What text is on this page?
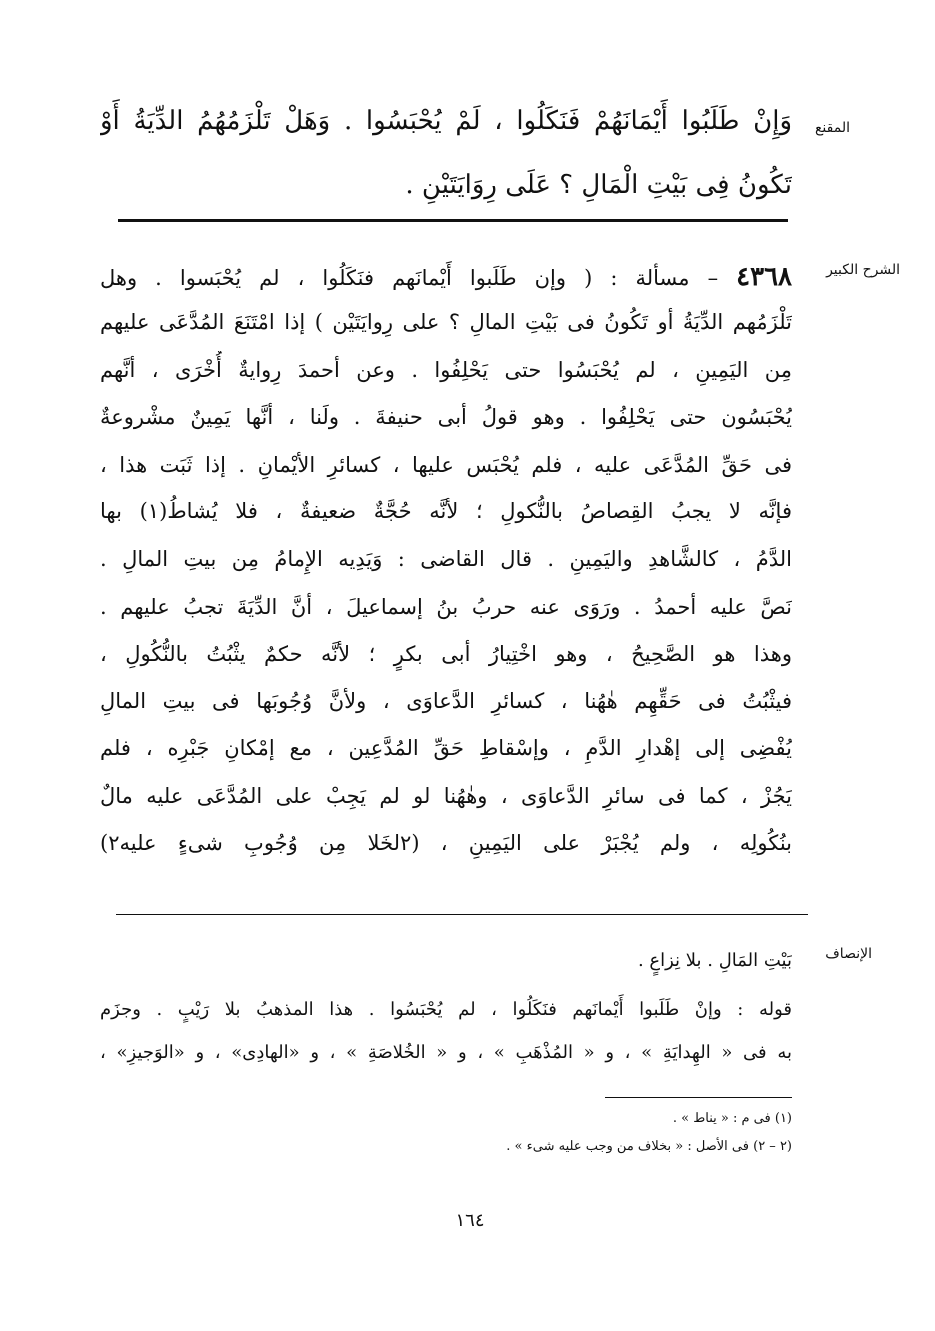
المقنع
وَإِنْ طَلَبُوا أَيْمَانَهُمْ فَنَكَلُوا ، لَمْ يُحْبَسُوا . وَهَلْ تَلْزَمُهُمُ الدِّيَةُ أَوْ
تَكُونُ فِى بَيْتِ الْمَالِ ؟ عَلَى رِوَايَتَيْنِ .
الشرح الكبير
٤٣٦٨ – مسألة : ( وإن طَلَبوا أَيْمانَهم فنَكَلُوا ، لم يُحْبَسوا . وهل
تَلْزَمُهم الدِّيَةُ أو تَكُونُ فى بَيْتِ المالِ ؟ على رِوايَتَيْن ) إذا امْتَنَعَ المُدَّعَى عليهم
مِن اليَمِينِ ، لم يُحْبَسُوا حتى يَحْلِفُوا . وعن أحمدَ رِوايةٌ أُخْرَى ، أنَّهم
يُحْبَسُون حتى يَحْلِفُوا . وهو قولُ أبى حنيفةَ . ولَنا ، أنَّها يَمِينٌ مشْروعةٌ
فى حَقِّ المُدَّعَى عليه ، فلم يُحْبَس عليها ، كسائرِ الأيْمانِ . إذا ثَبَت هذا ،
فإنَّه لا يجبُ القِصاصُ بالنُّكولِ ؛ لأنَّه حُجَّةٌ ضعيفةٌ ، فلا يُشاطُ(١) بها
الدَّمُ ، كالشَّاهدِ واليَمِينِ . قال القاضى : وَيَدِيه الإِمامُ مِن بيتِ المالِ .
نَصَّ عليه أحمدُ . ورَوَى عنه حربُ بنُ إسماعيلَ ، أنَّ الدِّيَةَ تجبُ عليهم .
وهذا هو الصَّحِيحُ ، وهو اخْتِيارُ أبى بكرٍ ؛ لأنَّه حكمٌ يثْبُتُ بالنُّكُولِ ،
فيثْبُتُ فى حَقِّهِم هٰهُنا ، كسائرِ الدَّعاوَى ، ولأنَّ وُجُوبَها فى بيتِ المالِ
يُفْضِى إلى إهْدارِ الدَّمِ ، وإسْقاطِ حَقِّ المُدَّعِين ، مع إمْكانِ جَبْرِه ، فلم
يَجُزْ ، كما فى سائرِ الدَّعاوَى ، وهٰهُنا لو لم يَجِبْ على المُدَّعَى عليه مالٌ
بنُكُولِه ، ولم يُجْبَرْ على اليَمِينِ ، (٢لخَلا مِن وُجُوبِ شىءٍ عليه٢)
الإنصاف
بَيْتِ المَالِ . بلا نِزاعٍ .
قوله : وإنْ طَلَبوا أَيْمانَهم فنَكَلُوا ، لم يُحْبَسُوا . هذا المذهبُ بلا رَيْبٍ . وجزَم
به فى « الهِدايَةِ » ، و « المُذْهَبِ » ، و « الخُلاصَةِ » ، و «الهادِى» ، و «الوَجيزِ» ،
(١) فى م : « يناط » .
(٢ – ٢) فى الأصل : « بخلاف من وجب عليه شىء » .
١٦٤
